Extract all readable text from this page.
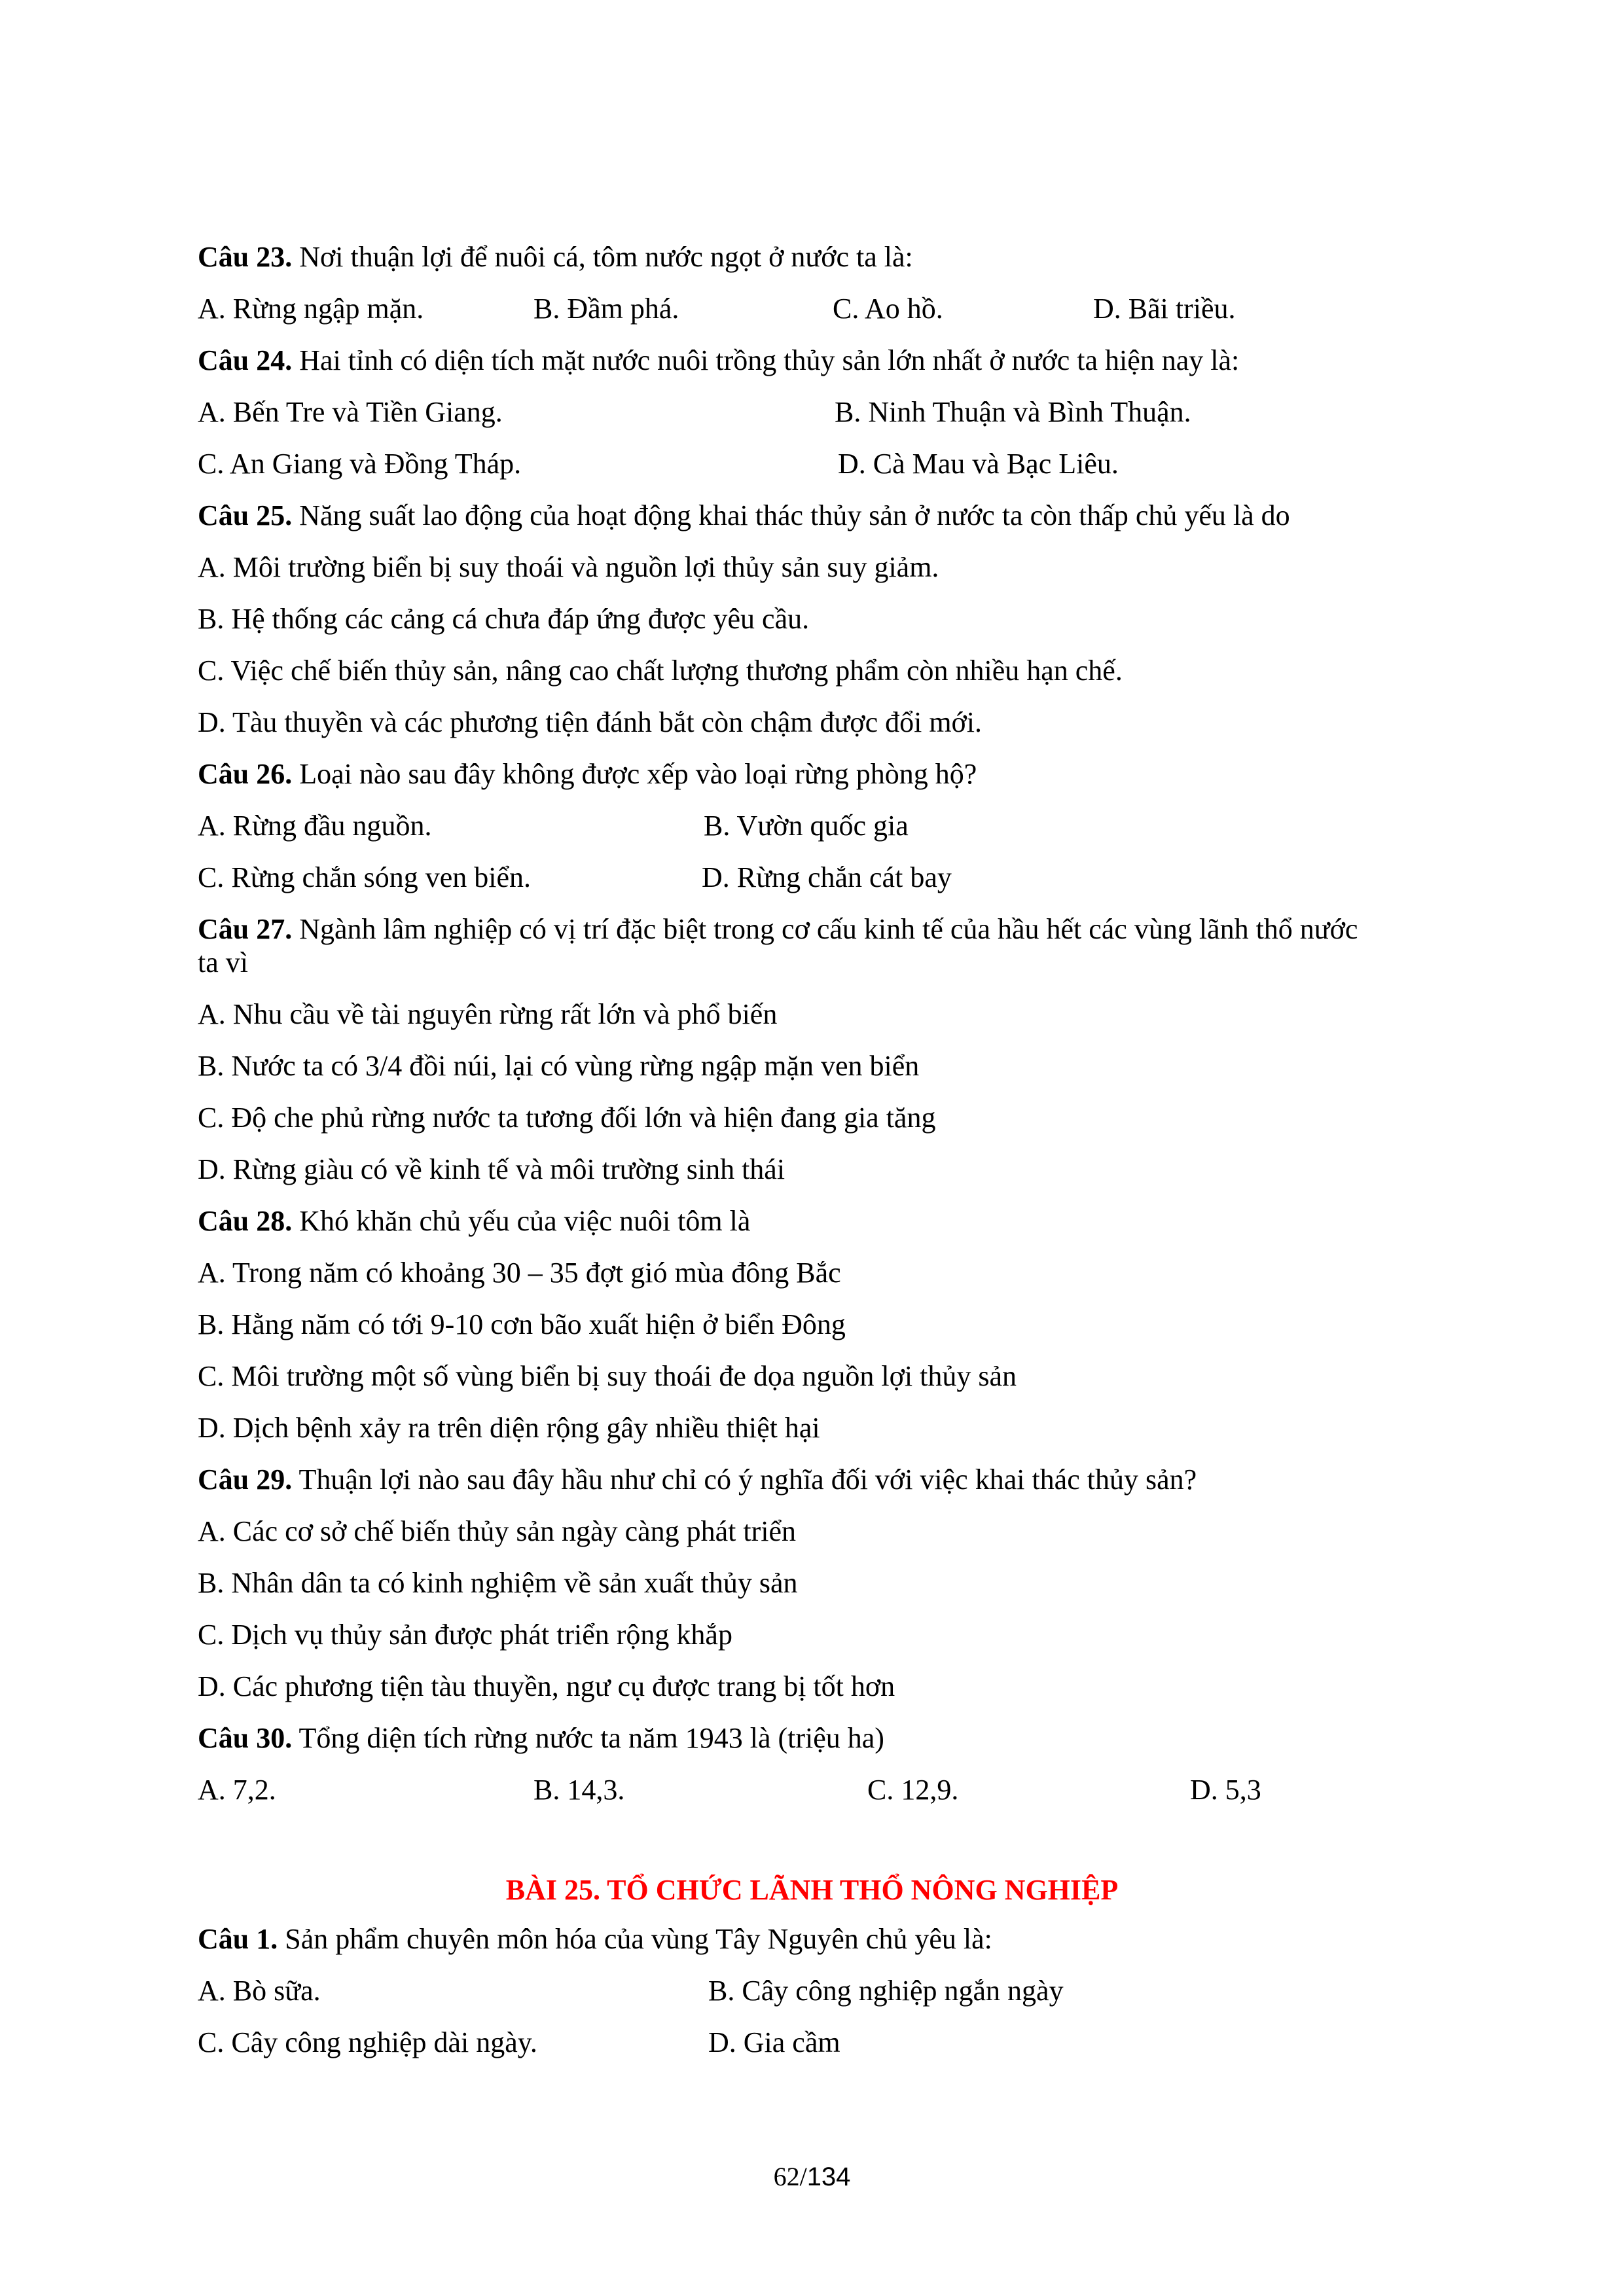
Câu 23. Nơi thuận lợi để nuôi cá, tôm nước ngọt ở nước ta là:
A. Rừng ngập mặn.	B. Đầm phá.	C. Ao hồ.	D. Bãi triều.
Câu 24. Hai tỉnh có diện tích mặt nước nuôi trồng thủy sản lớn nhất ở nước ta hiện nay là:
A. Bến Tre và Tiền Giang.	B. Ninh Thuận và Bình Thuận.
C. An Giang và Đồng Tháp.	D. Cà Mau và Bạc Liêu.
Câu 25. Năng suất lao động của hoạt động khai thác thủy sản ở nước ta còn thấp chủ yếu là do
A. Môi trường biển bị suy thoái và nguồn lợi thủy sản suy giảm.
B. Hệ thống các cảng cá chưa đáp ứng được yêu cầu.
C. Việc chế biến thủy sản, nâng cao chất lượng thương phẩm còn nhiều hạn chế.
D. Tàu thuyền và các phương tiện đánh bắt còn chậm được đổi mới.
Câu 26. Loại nào sau đây không được xếp vào loại rừng phòng hộ?
A. Rừng đầu nguồn.	B. Vườn quốc gia
C. Rừng chắn sóng ven biển.	D. Rừng chắn cát bay
Câu 27. Ngành lâm nghiệp có vị trí đặc biệt trong cơ cấu kinh tế của hầu hết các vùng lãnh thổ nước
ta vì
A. Nhu cầu về tài nguyên rừng rất lớn và phổ biến
B. Nước ta có 3/4 đồi núi, lại có vùng rừng ngập mặn ven biển
C. Độ che phủ rừng nước ta tương đối lớn và hiện đang gia tăng
D. Rừng giàu có về kinh tế và môi trường sinh thái
Câu 28. Khó khăn chủ yếu của việc nuôi tôm là
A. Trong năm có khoảng 30 – 35 đợt gió mùa đông Bắc
B. Hằng năm có tới 9-10 cơn bão xuất hiện ở biển Đông
C. Môi trường một số vùng biển bị suy thoái đe dọa nguồn lợi thủy sản
D. Dịch bệnh xảy ra trên diện rộng gây nhiều thiệt hại
Câu 29. Thuận lợi nào sau đây hầu như chỉ có ý nghĩa đối với việc khai thác thủy sản?
A. Các cơ sở chế biến thủy sản ngày càng phát triển
B. Nhân dân ta có kinh nghiệm về sản xuất thủy sản
C. Dịch vụ thủy sản được phát triển rộng khắp
D. Các phương tiện tàu thuyền, ngư cụ được trang bị tốt hơn
Câu 30. Tổng diện tích rừng nước ta năm 1943 là (triệu ha)
A. 7,2.	B. 14,3.	C. 12,9.	D. 5,3
BÀI 25. TỔ CHỨC LÃNH THỔ NÔNG NGHIỆP
Câu 1. Sản phẩm chuyên môn hóa của vùng Tây Nguyên chủ yêu là:
A. Bò sữa.	B. Cây công nghiệp ngắn ngày
C. Cây công nghiệp dài ngày.	D. Gia cầm
62/134
